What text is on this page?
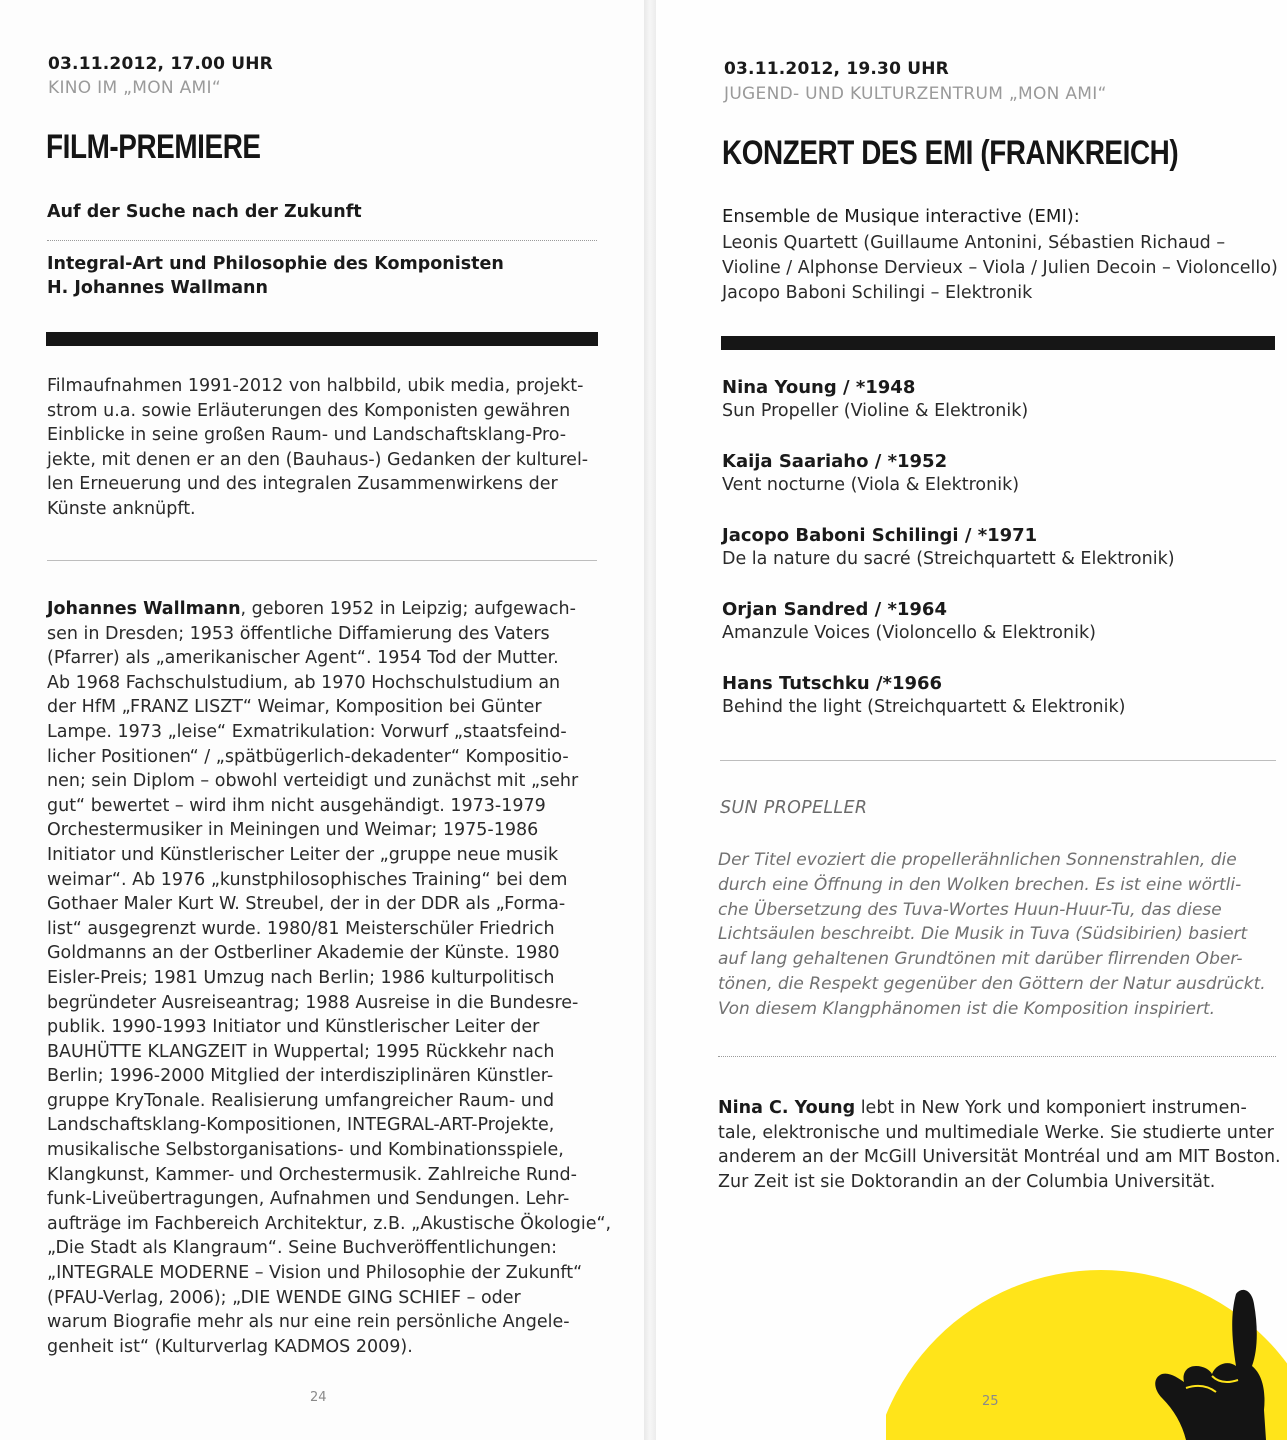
03.11.2012, 17.00 UHR
KINO IM „MON AMI“
FILM-PREMIERE
Auf der Suche nach der Zukunft
Integral-Art und Philosophie des Komponisten
H. Johannes Wallmann
Filmaufnahmen 1991-2012 von halbbild, ubik media, projekt-
strom u.a. sowie Erläuterungen des Komponisten gewähren
Einblicke in seine großen Raum- und Landschaftsklang-Pro-
jekte, mit denen er an den (Bauhaus-) Gedanken der kulturel-
len Erneuerung und des integralen Zusammenwirkens der
Künste anknüpft.
Johannes Wallmann, geboren 1952 in Leipzig; aufgewach-
sen in Dresden; 1953 öffentliche Diffamierung des Vaters
(Pfarrer) als „amerikanischer Agent“. 1954 Tod der Mutter.
Ab 1968 Fachschulstudium, ab 1970 Hochschulstudium an
der HfM „FRANZ LISZT“ Weimar, Komposition bei Günter
Lampe. 1973 „leise“ Exmatrikulation: Vorwurf „staatsfeind-
licher Positionen“ / „spätbügerlich-dekadenter“ Kompositio-
nen; sein Diplom – obwohl verteidigt und zunächst mit „sehr
gut“ bewertet – wird ihm nicht ausgehändigt. 1973-1979
Orchestermusiker in Meiningen und Weimar; 1975-1986
Initiator und Künstlerischer Leiter der „gruppe neue musik
weimar“. Ab 1976 „kunstphilosophisches Training“ bei dem
Gothaer Maler Kurt W. Streubel, der in der DDR als „Forma-
list“ ausgegrenzt wurde. 1980/81 Meisterschüler Friedrich
Goldmanns an der Ostberliner Akademie der Künste. 1980
Eisler-Preis; 1981 Umzug nach Berlin; 1986 kulturpolitisch
begründeter Ausreiseantrag; 1988 Ausreise in die Bundesre-
publik. 1990-1993 Initiator und Künstlerischer Leiter der
BAUHÜTTE KLANGZEIT in Wuppertal; 1995 Rückkehr nach
Berlin; 1996-2000 Mitglied der interdisziplinären Künstler-
gruppe KryTonale. Realisierung umfangreicher Raum- und
Landschaftsklang-Kompositionen, INTEGRAL-ART-Projekte,
musikalische Selbstorganisations- und Kombinationsspiele,
Klangkunst, Kammer- und Orchestermusik. Zahlreiche Rund-
funk-Liveübertragungen, Aufnahmen und Sendungen. Lehr-
aufträge im Fachbereich Architektur, z.B. „Akustische Ökologie“,
„Die Stadt als Klangraum“. Seine Buchveröffentlichungen:
„INTEGRALE MODERNE – Vision und Philosophie der Zukunft“
(PFAU-Verlag, 2006); „DIE WENDE GING SCHIEF – oder
warum Biografie mehr als nur eine rein persönliche Angele-
genheit ist“ (Kulturverlag KADMOS 2009).
24
03.11.2012, 19.30 UHR
JUGEND- UND KULTURZENTRUM „MON AMI“
KONZERT DES EMI (FRANKREICH)
Ensemble de Musique interactive (EMI):
Leonis Quartett (Guillaume Antonini, Sébastien Richaud –
Violine / Alphonse Dervieux – Viola / Julien Decoin – Violoncello)
Jacopo Baboni Schilingi – Elektronik
Nina Young / *1948
Sun Propeller (Violine & Elektronik)
Kaija Saariaho / *1952
Vent nocturne (Viola & Elektronik)
Jacopo Baboni Schilingi / *1971
De la nature du sacré (Streichquartett & Elektronik)
Orjan Sandred / *1964
Amanzule Voices (Violoncello & Elektronik)
Hans Tutschku /*1966
Behind the light (Streichquartett & Elektronik)
SUN PROPELLER
Der Titel evoziert die propellerähnlichen Sonnenstrahlen, die
durch eine Öffnung in den Wolken brechen. Es ist eine wörtli-
che Übersetzung des Tuva-Wortes Huun-Huur-Tu, das diese
Lichtsäulen beschreibt. Die Musik in Tuva (Südsibirien) basiert
auf lang gehaltenen Grundtönen mit darüber flirrenden Ober-
tönen, die Respekt gegenüber den Göttern der Natur ausdrückt.
Von diesem Klangphänomen ist die Komposition inspiriert.
Nina C. Young lebt in New York und komponiert instrumen-
tale, elektronische und multimediale Werke. Sie studierte unter
anderem an der McGill Universität Montréal und am MIT Boston.
Zur Zeit ist sie Doktorandin an der Columbia Universität.
25
